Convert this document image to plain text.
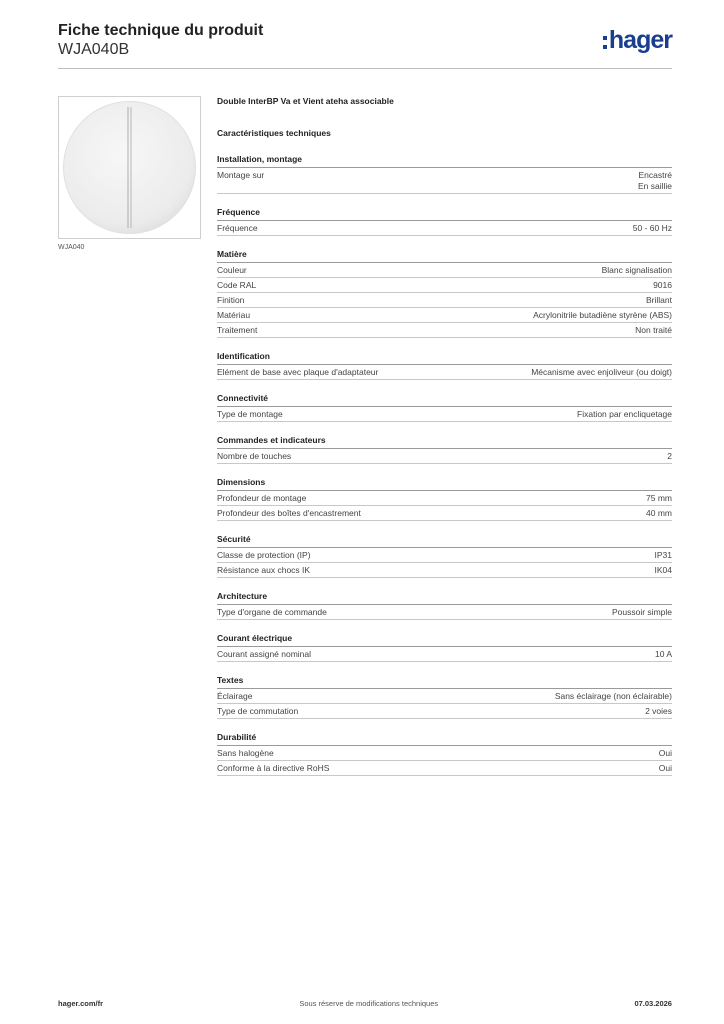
Fiche technique du produit
WJA040B	hager
WJA040
Double InterBP Va et Vient ateha associable
Caractéristiques techniques
Installation, montage
Montage sur	Encastré
En saillie
Fréquence
Fréquence	50 - 60 Hz
Matière
Couleur	Blanc signalisation
Code RAL	9016
Finition	Brillant
Matériau	Acrylonitrile butadiène styrène (ABS)
Traitement	Non traité
Identification
Elément de base avec plaque d'adaptateur	Mécanisme avec enjoliveur (ou doigt)
Connectivité
Type de montage	Fixation par encliquetage
Commandes et indicateurs
Nombre de touches	2
Dimensions
Profondeur de montage	75 mm
Profondeur des boîtes d'encastrement	40 mm
Sécurité
Classe de protection (IP)	IP31
Résistance aux chocs IK	IK04
Architecture
Type d'organe de commande	Poussoir simple
Courant électrique
Courant assigné nominal	10 A
Textes
Éclairage	Sans éclairage (non éclairable)
Type de commutation	2 voies
Durabilité
Sans halogène	Oui
Conforme à la directive RoHS	Oui
hager.com/fr	Sous réserve de modifications techniques	07.03.2026
